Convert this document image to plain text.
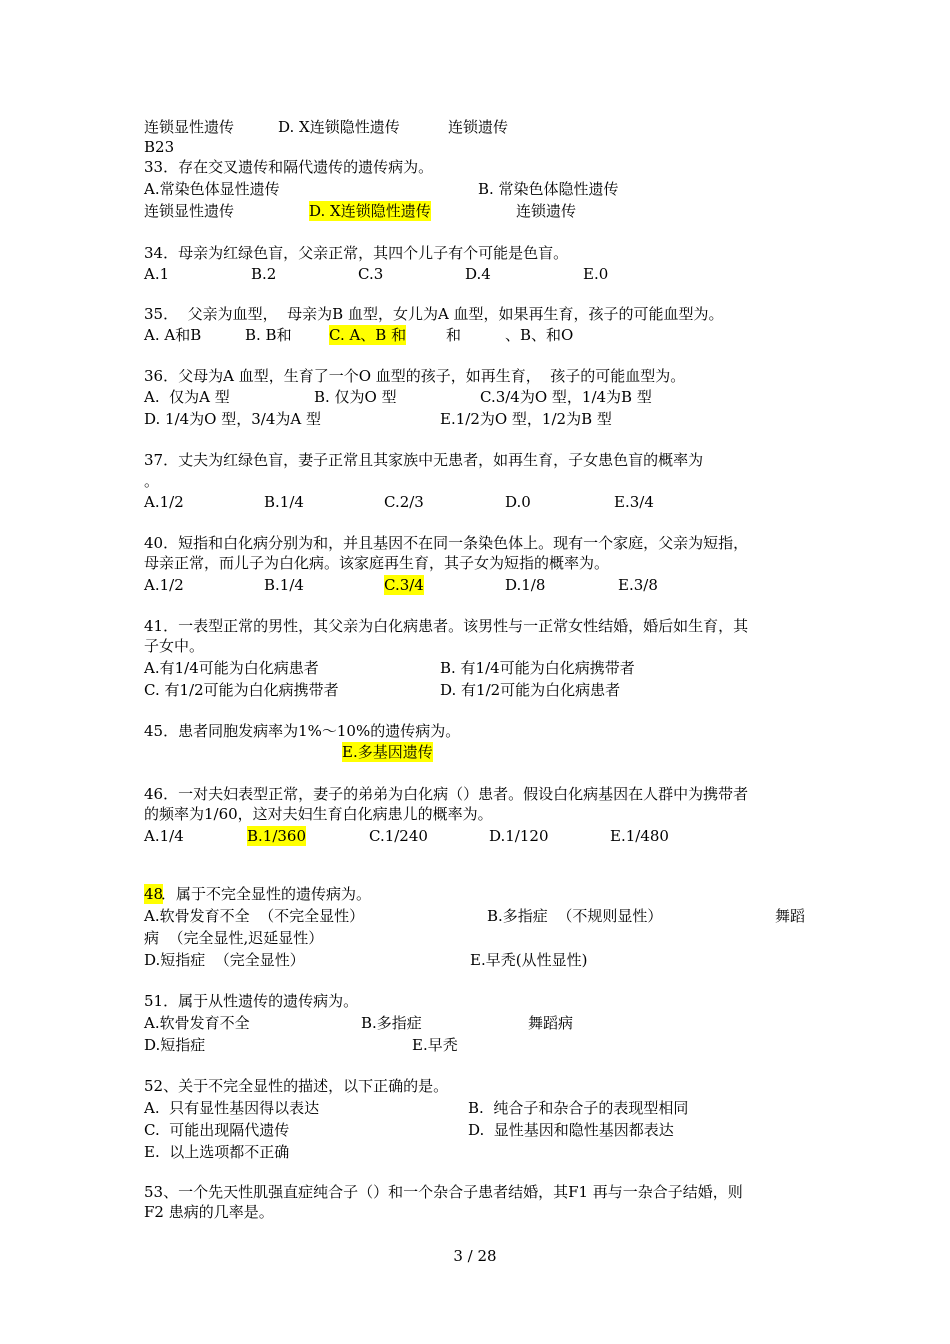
连锁显性遗传	D. X连锁隐性遗传	连锁遗传
B23
33．存在交叉遗传和隔代遗传的遗传病为。
A.常染色体显性遗传	B. 常染色体隐性遗传
连锁显性遗传	D. X连锁隐性遗传	连锁遗传
34．母亲为红绿色盲，父亲正常，其四个儿子有个可能是色盲。
A.1	B.2	C.3	D.4	E.0
35．  父亲为血型，  母亲为B 血型，女儿为A 血型，如果再生育，孩子的可能血型为。
A. A和B	B. B和 C. A、B 和	和	、B、和O
36．父母为A 血型，生育了一个O 血型的孩子，如再生育，  孩子的可能血型为。
A.  仅为A 型	B. 仅为O 型	C.3/4为O 型，1/4为B 型
D. 1/4为O 型，3/4为A 型	E.1/2为O 型，1/2为B 型
37．丈夫为红绿色盲，妻子正常且其家族中无患者，如再生育，子女患色盲的概率为
。
A.1/2	B.1/4	C.2/3	D.0	E.3/4
40．短指和白化病分别为和，并且基因不在同一条染色体上。现有一个家庭，父亲为短指，
母亲正常，而儿子为白化病。该家庭再生育，其子女为短指的概率为。
A.1/2	B.1/4	C.3/4	D.1/8	E.3/8
41．一表型正常的男性，其父亲为白化病患者。该男性与一正常女性结婚，婚后如生育，其
子女中。
A.有1/4可能为白化病患者	B. 有1/4可能为白化病携带者
C. 有1/2可能为白化病携带者	D. 有1/2可能为白化病患者
45．患者同胞发病率为1%～10%的遗传病为。
E.多基因遗传
46．一对夫妇表型正常，妻子的弟弟为白化病（）患者。假设白化病基因在人群中为携带者
的频率为1/60，这对夫妇生育白化病患儿的概率为。
A.1/4	B.1/360	C.1/240	D.1/120	E.1/480
48
．属于不完全显性的遗传病为。
A.软骨发育不全  （不完全显性）	B.多指症  （不规则显性）	舞蹈
病  （完全显性,迟延显性）
D.短指症  （完全显性）	E.早秃(从性显性)
51．属于从性遗传的遗传病为。
A.软骨发育不全	B.多指症	舞蹈病
D.短指症	E.早秃
52、关于不完全显性的描述，以下正确的是。
A.  只有显性基因得以表达	B.  纯合子和杂合子的表现型相同
C.  可能出现隔代遗传	D.  显性基因和隐性基因都表达
E.  以上选项都不正确
53、一个先天性肌强直症纯合子（）和一个杂合子患者结婚，其F1 再与一杂合子结婚，则
F2 患病的几率是。
3 / 28
